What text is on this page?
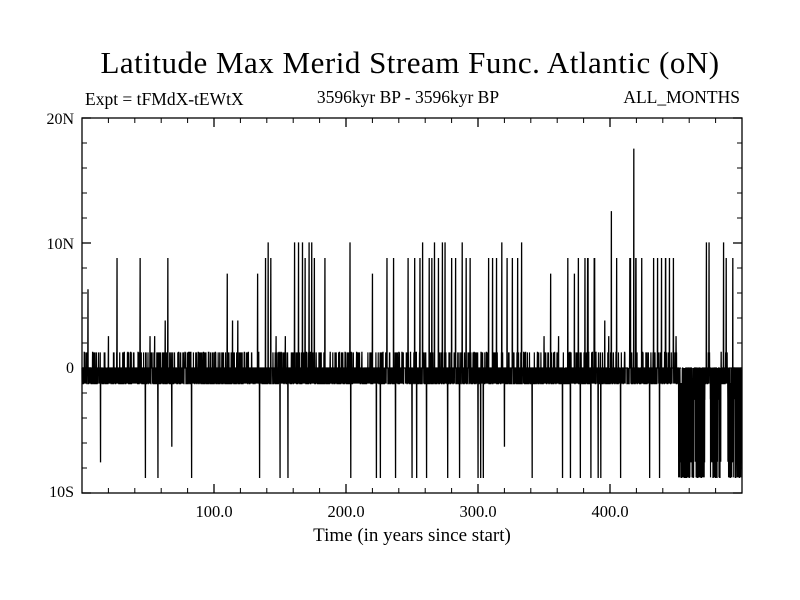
Latitude Max Merid Stream Func. Atlantic (oN)
Expt = tFMdX-tEWtX	3596kyr BP - 3596kyr BP	ALL_MONTHS
20N
10N
0
10S
100.0	200.0	300.0	400.0
Time (in years since start)
